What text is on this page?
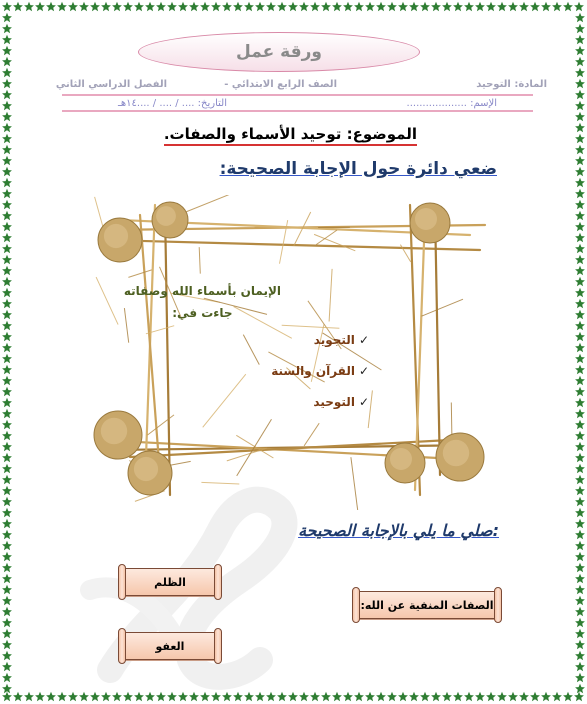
ورقة عمل
المادة: التوحيد
الصف الرابع الابتدائي -
الفصل الدراسي الثاني
الإسم: ...................
التاريخ: .... / .... / ....١٤هـ
الموضوع: توحيد الأسماء والصفات.
ضعي دائرة حول الإجابة الصحيحة:
الإيمان بأسماء الله وصفاته
جاءت في:
✓التجويد
✓القرآن والسنة
✓التوحيد
:صلي ما يلي بالإجابة الصحيحة
الصفات المنفية عن الله:
الظلم
العفو
